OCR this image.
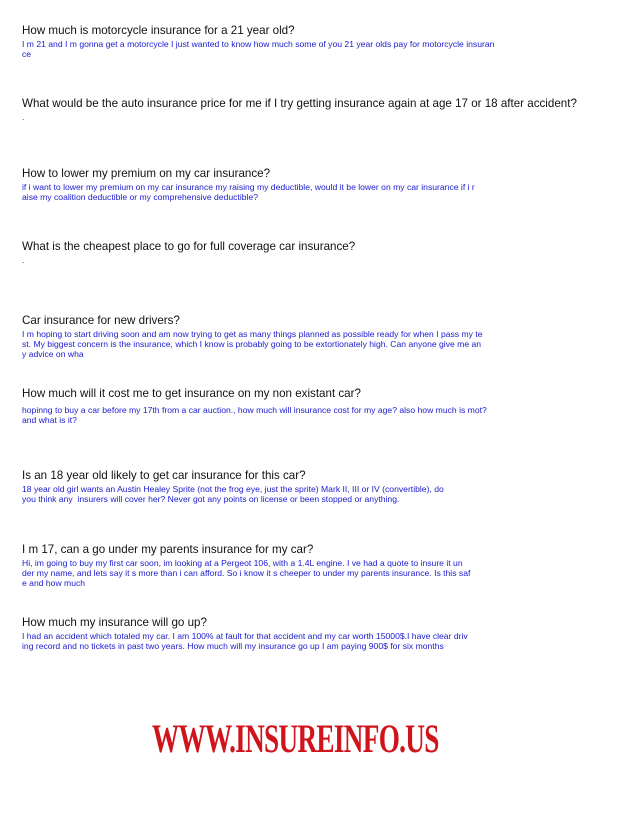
How much is motorcycle insurance for a 21 year old?

I m 21 and I m gonna get a motorcycle I just wanted to know how much some of you 21 year olds pay for motorcycle insuran
ce

What would be the auto insurance price for me if I try getting insurance again at age 17 or 18 after accident?

.

How to lower my premium on my car insurance?

if i want to lower my premium on my car insurance my raising my deductible, would it be lower on my car insurance if i r
aise my coalition deductible or my comprehensive deductible?

What is the cheapest place to go for full coverage car insurance?

.

Car insurance for new drivers?

I m hoping to start driving soon and am now trying to get as many things planned as possible ready for when I pass my te
st. My biggest concern is the insurance, which I know is probably going to be extortionately high. Can anyone give me an
y advice on wha

How much will it cost me to get insurance on my non existant car?

hopinng to buy a car before my 17th from a car auction., how much will insurance cost for my age? also how much is mot?
and what is it?

Is an 18 year old likely to get car insurance for this car?

18 year old girl wants an Austin Healey Sprite (not the frog eye, just the sprite) Mark II, III or IV (convertible), do
you think any  insurers will cover her? Never got any points on license or been stopped or anything.

I m 17, can a go under my parents insurance for my car?

Hi, im going to buy my first car soon, im looking at a Pergeot 106, with a 1.4L engine. I ve had a quote to insure it un
der my name, and lets say it s more than i can afford. So i know it s cheeper to under my parents insurance. Is this saf
e and how much

How much my insurance will go up?

I had an accident which totaled my car. I am 100% at fault for that accident and my car worth 15000$.I have clear driv
ing record and no tickets in past two years. How much will my insurance go up I am paying 900$ for six months

WWW.INSUREINFO.US
